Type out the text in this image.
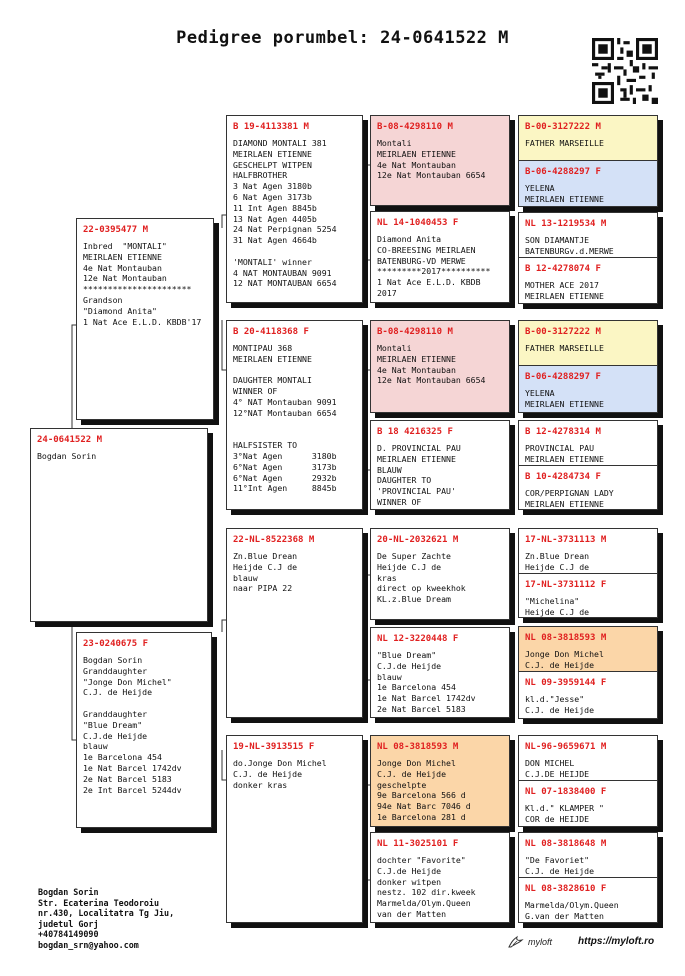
Pedigree porumbel: 24-0641522 M
24-0641522 M
Bogdan Sorin
22-0395477 M
Inbred  "MONTALI"
MEIRLAEN ETIENNE
4e Nat Montauban
12e Nat Montauban
**********************
Grandson
"Diamond Anita"
1 Nat Ace E.L.D. KBDB'17
23-0240675 F
Bogdan Sorin
Granddaughter
"Jonge Don Michel"
C.J. de Heijde

Granddaughter
"Blue Dream"
C.J.de Heijde
blauw
1e Barcelona 454
1e Nat Barcel 1742dv
2e Nat Barcel 5183
2e Int Barcel 5244dv
B 19-4113381 M
DIAMOND MONTALI 381
MEIRLAEN ETIENNE
GESCHELPT WITPEN
HALFBROTHER
3 Nat Agen 3180b
6 Nat Agen 3173b
11 Int Agen 8845b
13 Nat Agen 4405b
24 Nat Perpignan 5254
31 Nat Agen 4664b

'MONTALI' winner
4 NAT MONTAUBAN 9091
12 NAT MONTAUBAN 6654
B 20-4118368 F
MONTIPAU 368
MEIRLAEN ETIENNE

DAUGHTER MONTALI
WINNER OF
4° NAT Montauban 9091
12°NAT Montauban 6654

HALFSISTER TO
3°Nat Agen      3180b
6°Nat Agen      3173b
6°Nat Agen      2932b
11°Int Agen     8845b
22-NL-8522368 M
Zn.Blue Drean
Heijde C.J de
blauw
naar PIPA 22
19-NL-3913515 F
do.Jonge Don Michel
C.J. de Heijde
donker kras
B-08-4298110 M
Montali
MEIRLAEN ETIENNE
4e Nat Montauban
12e Nat Montauban 6654
NL 14-1040453 F
Diamond Anita
CO-BREESING MEIRLAEN
BATENBURG-VD MERWE
*********2017**********
1 Nat Ace E.L.D. KBDB
2017
B-08-4298110 M
Montali
MEIRLAEN ETIENNE
4e Nat Montauban
12e Nat Montauban 6654
B 18 4216325 F
D. PROVINCIAL PAU
MEIRLAEN ETIENNE
BLAUW
DAUGHTER TO
'PROVINCIAL PAU'
WINNER OF
20-NL-2032621 M
De Super Zachte
Heijde C.J de
kras
direct op kweekhok
KL.z.Blue Dream
NL 12-3220448 F
"Blue Dream"
C.J.de Heijde
blauw
1e Barcelona 454
1e Nat Barcel 1742dv
2e Nat Barcel 5183
NL 08-3818593 M
Jonge Don Michel
C.J. de Heijde
geschelpte
9e Barcelona 566 d
94e Nat Barc 7046 d
1e Barcelona 281 d
NL 11-3025101 F
dochter "Favorite"
C.J.de Heijde
donker witpen
nestz. 102 dir.kweek
Marmelda/Olym.Queen
van der Matten
B-00-3127222 M
FATHER MARSEILLE
B-06-4288297 F
YELENA
MEIRLAEN ETIENNE
NL 13-1219534 M
SON DIAMANTJE
BATENBURGv.d.MERWE
B 12-4278074 F
MOTHER ACE 2017
MEIRLAEN ETIENNE
B-00-3127222 M
FATHER MARSEILLE
B-06-4288297 F
YELENA
MEIRLAEN ETIENNE
B 12-4278314 M
PROVINCIAL PAU
MEIRLAEN ETIENNE
B 10-4284734 F
COR/PERPIGNAN LADY
MEIRLAEN ETIENNE
17-NL-3731113 M
Zn.Blue Drean
Heijde C.J de
17-NL-3731112 F
"Michelina"
Heijde C.J de
NL 08-3818593 M
Jonge Don Michel
C.J. de Heijde
NL 09-3959144 F
kl.d."Jesse"
C.J. de Heijde
NL-96-9659671 M
DON MICHEL
C.J.DE HEIJDE
NL 07-1838400 F
Kl.d." KLAMPER "
COR de HEIJDE
NL 08-3818648 M
"De Favoriet"
C.J. de Heijde
NL 08-3828610 F
Marmelda/Olym.Queen
G.van der Matten
Bogdan Sorin
Str. Ecaterina Teodoroiu
nr.430, Localitatra Tg Jiu,
judetul Gorj
+40784149090
bogdan_srn@yahoo.com	myloft	https://myloft.ro
